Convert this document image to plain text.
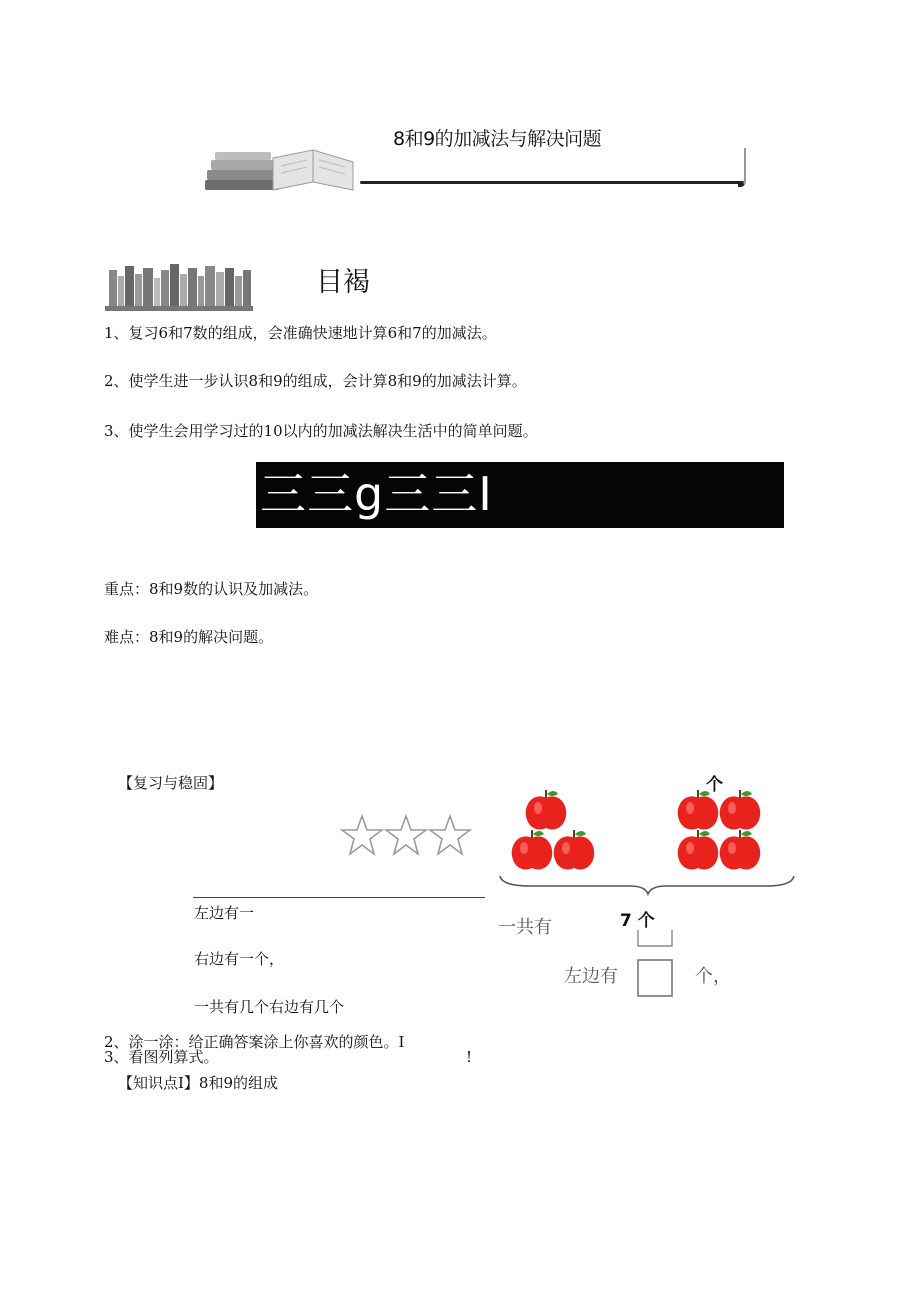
8和9的加减法与解决问题
目褐
1、复习6和7数的组成，会准确快速地计算6和7的加减法。
2、使学生进一步认识8和9的组成，会计算8和9的加减法计算。
3、使学生会用学习过的10以内的加减法解决生活中的简单问题。
三三g三三I
重点：8和9数的认识及加减法。
难点：8和9的解决问题。
【复习与稳固】
左边有一
右边有一个，
一共有几个右边有几个
2、涂一涂：给正确答案涂上你喜欢的颜色。I
3、看图列算式。	!
个
一共有	7 个
左边有	个，
【知识点I】8和9的组成
